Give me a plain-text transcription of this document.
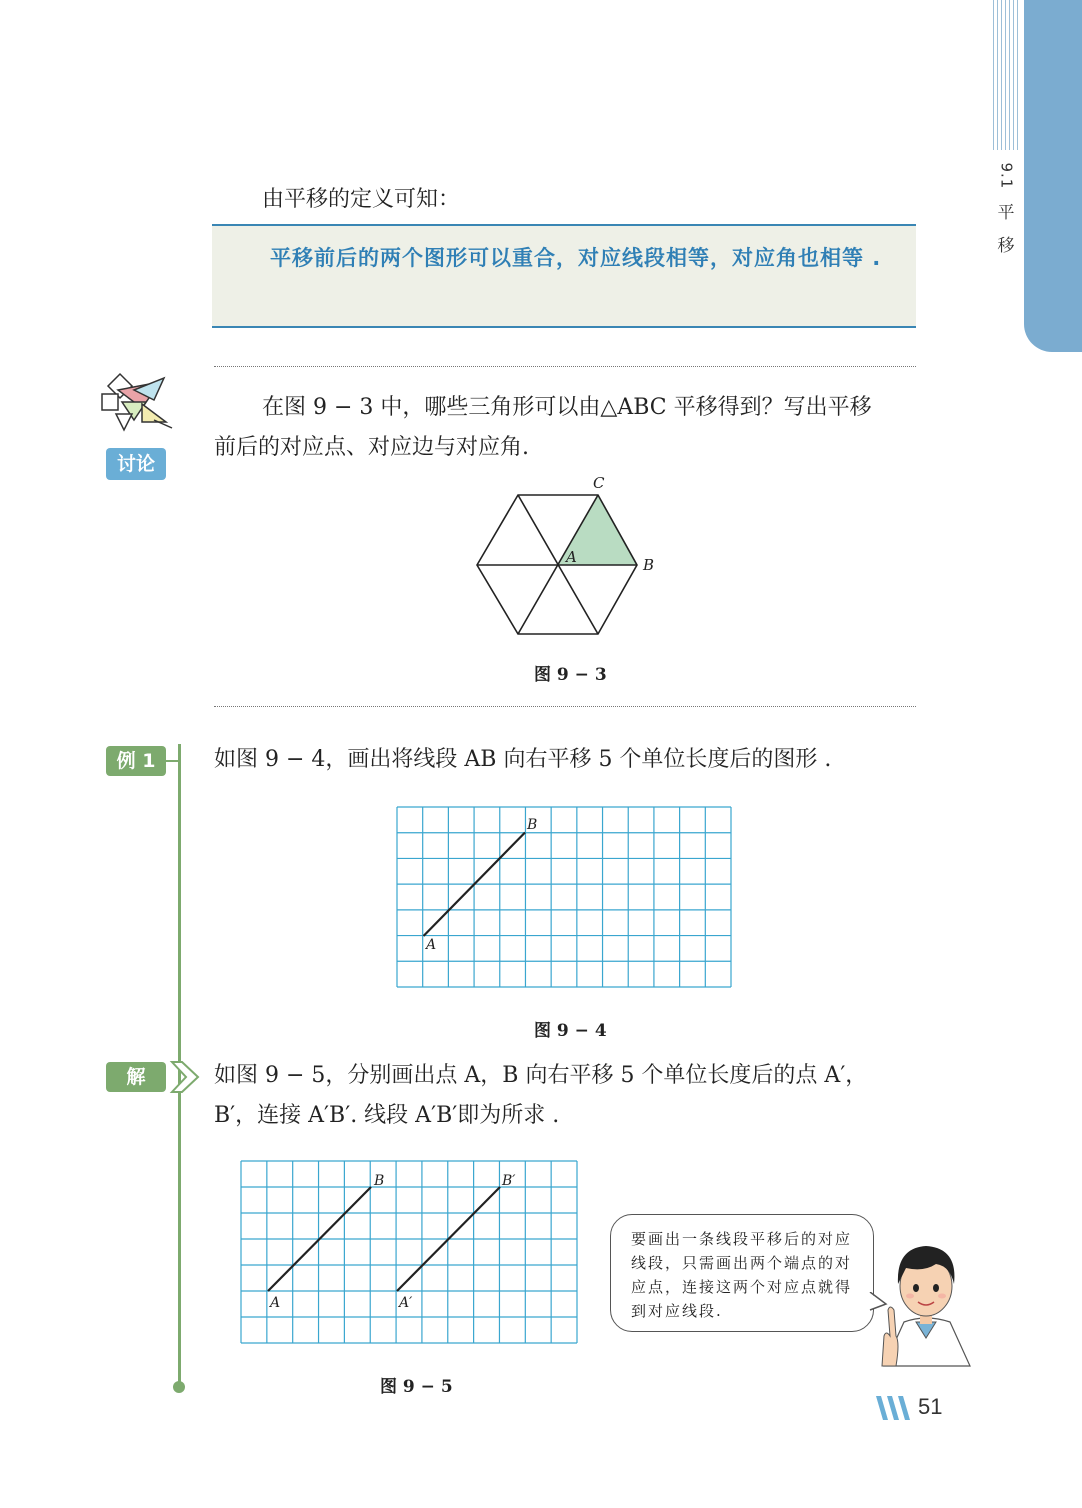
9.1
平
移
由平移的定义可知：
平移前后的两个图形可以重合，对应线段相等，对应角也相等 .
讨论
在图 9 − 3 中，哪些三角形可以由△ABC 平移得到？写出平移
前后的对应点、对应边与对应角.
A	B
C
图 9 − 3
例 1	如图 9 − 4，画出将线段 AB 向右平移 5 个单位长度后的图形 .
A
B
图 9 − 4
解	如图 9 − 5，分别画出点 A，B 向右平移 5 个单位长度后的点 A′，
B′，连接 A′B′. 线段 A′B′即为所求 .
A
B
A′
B′
图 9 − 5
要画出一条线段平移后的对应线段，只需画出两个端点的对应点，连接这两个对应点就得到对应线段.
51
